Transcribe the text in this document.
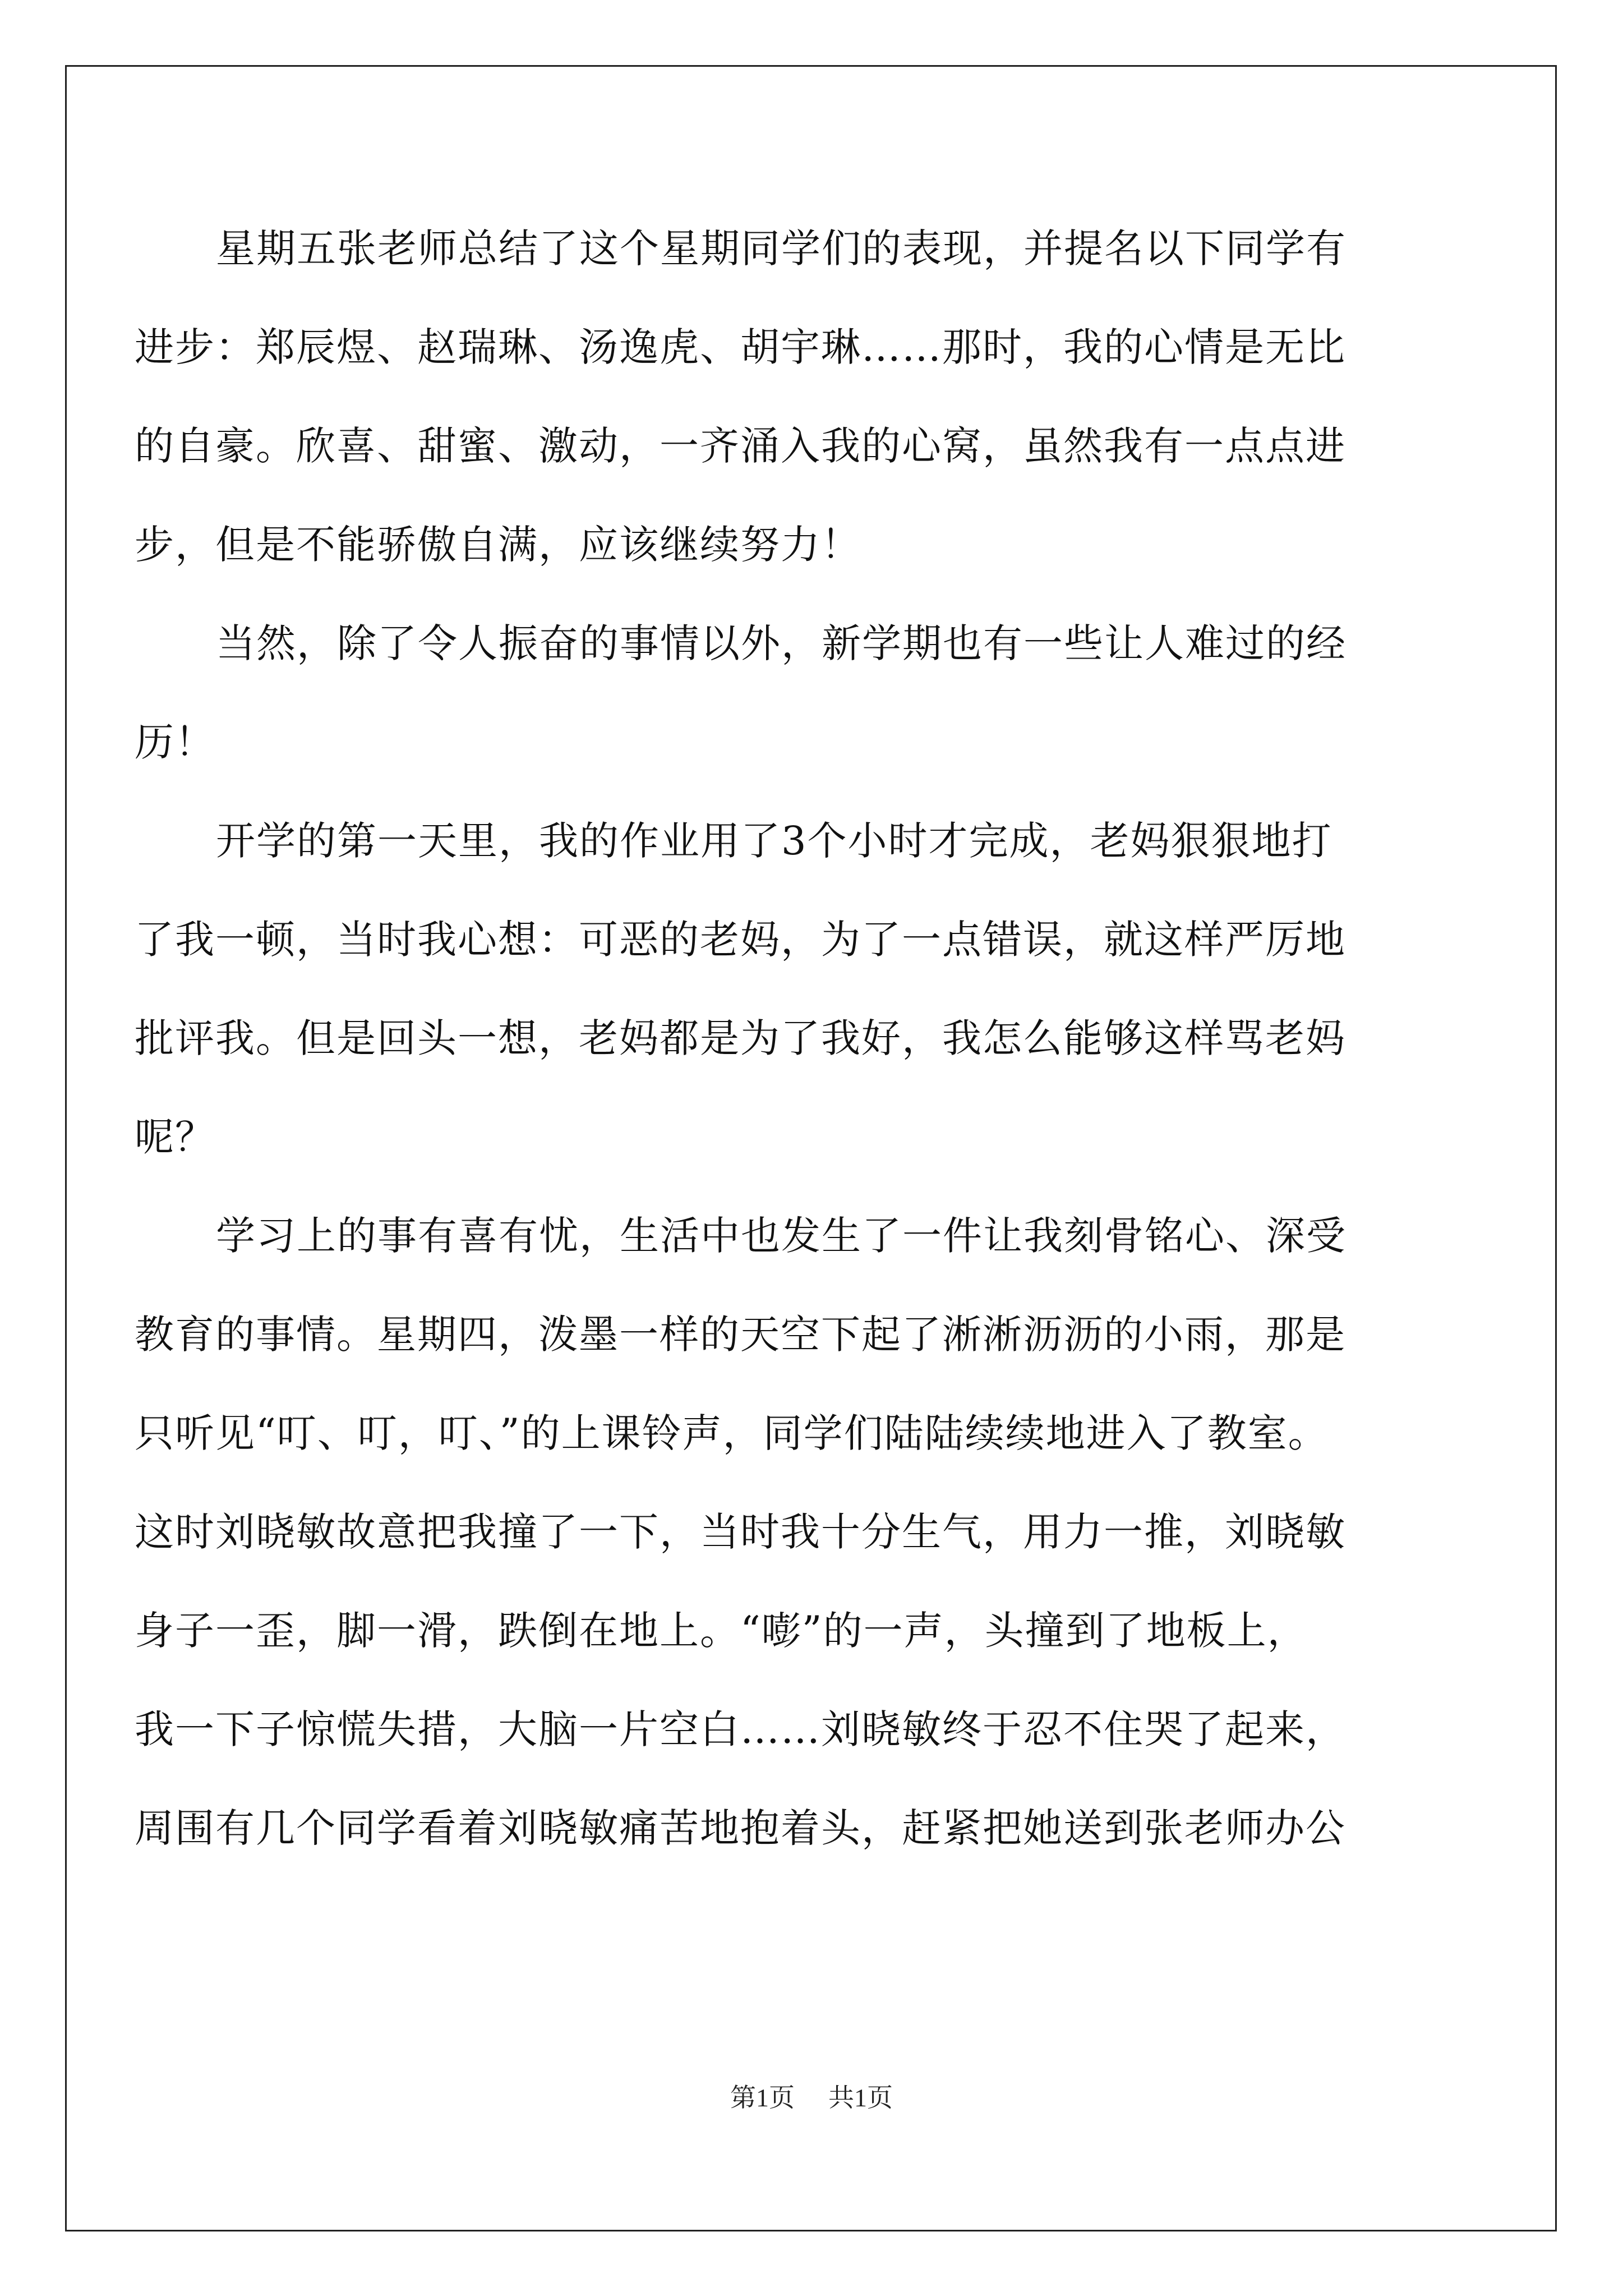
星期五张老师总结了这个星期同学们的表现，并提名以下同学有
进步：郑辰煜、赵瑞琳、汤逸虎、胡宇琳……那时，我的心情是无比
的自豪。欣喜、甜蜜、激动，一齐涌入我的心窝，虽然我有一点点进
步，但是不能骄傲自满，应该继续努力！
当然，除了令人振奋的事情以外，新学期也有一些让人难过的经
历！
开学的第一天里，我的作业用了3个小时才完成，老妈狠狠地打
了我一顿，当时我心想：可恶的老妈，为了一点错误，就这样严厉地
批评我。但是回头一想，老妈都是为了我好，我怎么能够这样骂老妈
呢？
学习上的事有喜有忧，生活中也发生了一件让我刻骨铭心、深受
教育的事情。星期四，泼墨一样的天空下起了淅淅沥沥的小雨，那是
只听见“叮、叮，叮、”的上课铃声，同学们陆陆续续地进入了教室。
这时刘晓敏故意把我撞了一下，当时我十分生气，用力一推，刘晓敏
身子一歪，脚一滑，跌倒在地上。“嘭”的一声，头撞到了地板上，
我一下子惊慌失措，大脑一片空白……刘晓敏终于忍不住哭了起来，
周围有几个同学看着刘晓敏痛苦地抱着头，赶紧把她送到张老师办公
第1页 共1页
